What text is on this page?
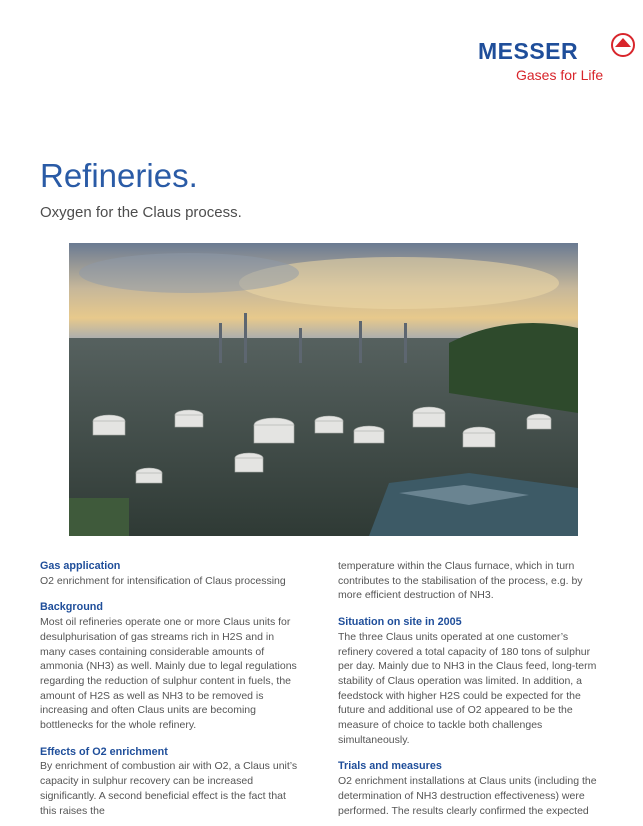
MESSER
Gases for Life
Refineries.
Oxygen for the Claus process.

Gas application

O2 enrichment for intensification of Claus processing

Background

Most oil refineries operate one or more Claus units for desulphurisation of gas streams rich in H2S and in many cases containing considerable amounts of ammonia (NH3) as well. Mainly due to legal regulations regarding the reduction of sulphur content in fuels, the amount of H2S as well as NH3 to be removed is increasing and often Claus units are becoming bottlenecks for the whole refinery.

Effects of O2 enrichment

By enrichment of combustion air with O2, a Claus unit’s capacity in sulphur recovery can be increased significantly. A second beneficial effect is the fact that this raises the

temperature within the Claus furnace, which in turn contributes to the stabilisation of the process, e.g. by more efficient destruction of NH3.

Situation on site in 2005

The three Claus units operated at one customer’s refinery covered a total capacity of 180 tons of sulphur per day. Mainly due to NH3 in the Claus feed, long-term stability of Claus operation was limited. In addition, a feedstock with higher H2S could be expected for the future and additional use of O2 appeared to be the measure of choice to tackle both challenges simultaneously.

Trials and measures

O2 enrichment installations at Claus units (including the determination of NH3 destruction effectiveness) were performed. The results clearly confirmed the expected
